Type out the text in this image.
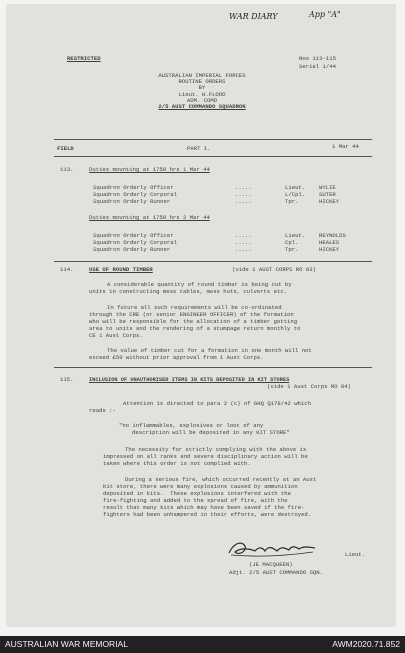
WAR DIARY	App "A"
RESTRICTED	Nos 113-115
Serial 1/44
AUSTRALIAN IMPERIAL FORCES
ROUTINE ORDERS
BY
Lieut. H.FLOOD
ADM. COMD
2/5 AUST COMMANDO SQUADRON
FIELD	PART 1.	1 Mar 44
113.	Duties mounting at 1750 hrs 1 Mar 44
Squadron Orderly Officer	.....	Lieut. WYLIE
Squadron Orderly Corporal	.....	L/Cpl. SUTER
Squadron Orderly Runner	.....	Tpr.	HICKEY
Duties mounting at 1750 hrs 2 Mar 44
Squadron Orderly Officer	.....	Lieut. REYNOLDS
Squadron Orderly Corporal	.....	Cpl.	HEALES
Squadron Orderly Runner	.....	Tpr.	HICKEY
114.	USE OF ROUND TIMBER	(vide 1 AUST CORPS RO 83)
A considerable quantity of round timber is being cut by
units in constructing mess tables, mess huts, culverts etc.
In future all such requirements will be co-ordinated
through the CRE (or senior ENGINEER OFFICER) of the formation
who will be responsible for the allocation of a timber getting
area to units and the rendering of a stumpage return monthly to
CE 1 Aust Corps.
The value of timber cut for a formation in one month will not
exceed £50 without prior approval from 1 Aust Corps.
115.	INCLUSION OF UNAUTHORISED ITEMS IN KITS DEPOSITED IN KIT STORES
(vide 1 Aust Corps RO 84)
Attention is directed to para 2 (c) of GHQ Q178/42 which
reads :-
"no inflammables, explosives or loot of any
description will be deposited in any KIT STORE"
The necessity for strictly complying with the above is
impressed on all ranks and severe disciplinary action will be
taken where this order is not complied with.
During a serious fire, which occurred recently at an Aust
Kit store, there were many explosions caused by ammunition
deposited in kits.  These explosions interfered with the
fire-fighting and added to the spread of fire, with the
result that many kits which may have been saved if the fire-
fighters had been unhampered in their efforts, were destroyed.
Lieut.
(JE MACQUEEN)
Adjt. 2/5 AUST COMMANDO SQN.
AUSTRALIAN WAR MEMORIAL	AWM2020.71.852
